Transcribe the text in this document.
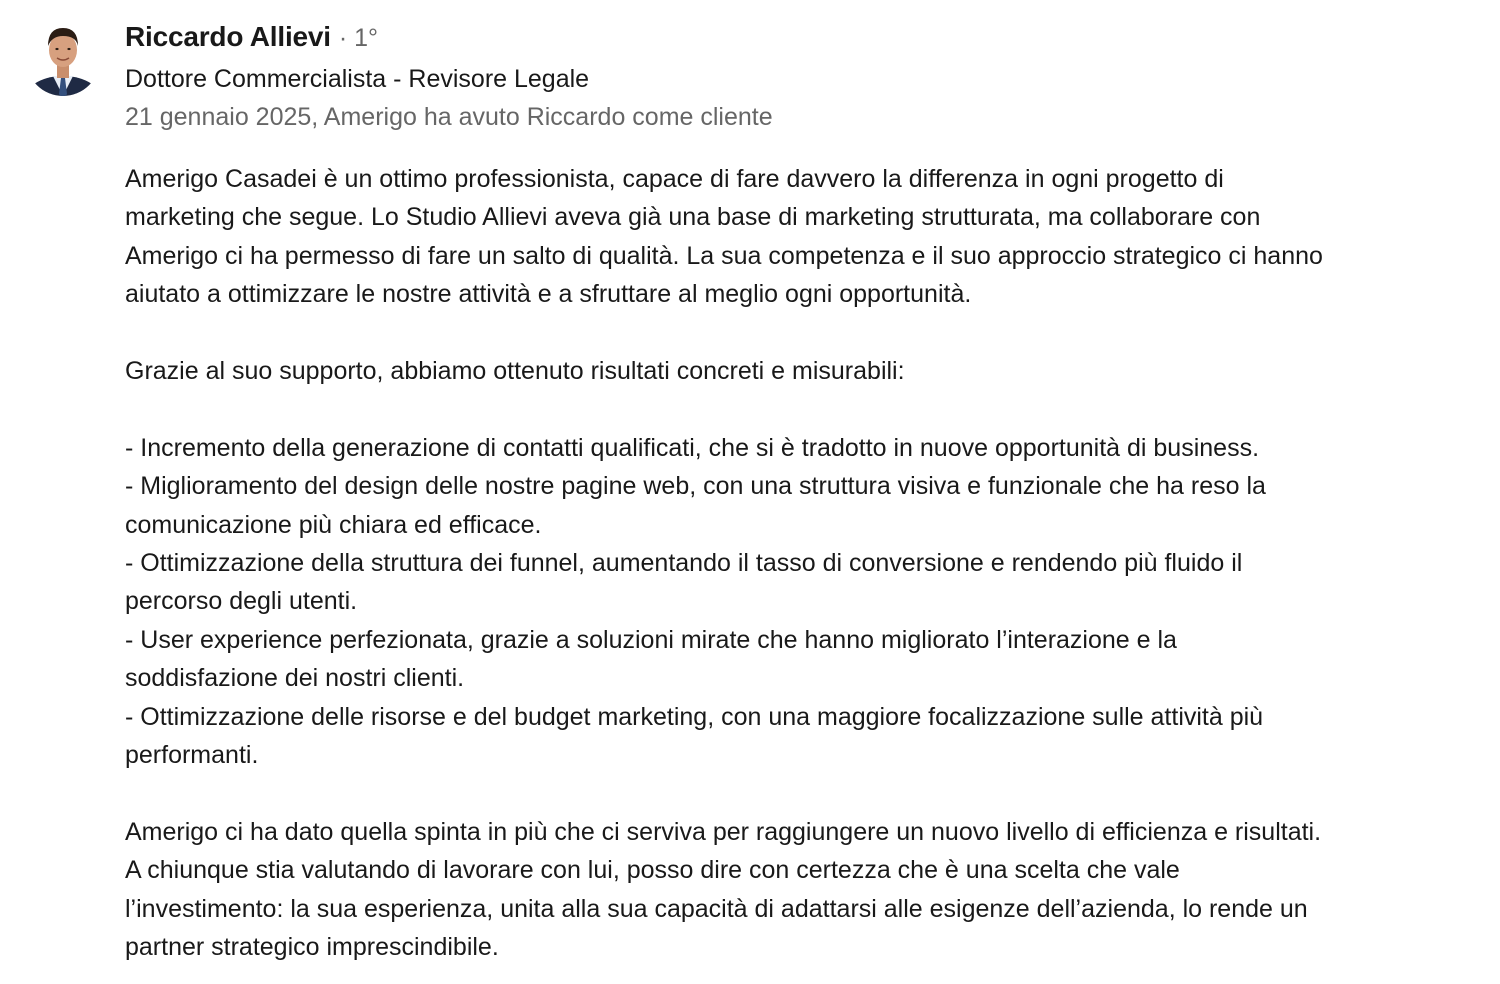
Riccardo Allievi · 1°
Dottore Commercialista - Revisore Legale
21 gennaio 2025, Amerigo ha avuto Riccardo come cliente

Amerigo Casadei è un ottimo professionista, capace di fare davvero la differenza in ogni progetto di

marketing che segue. Lo Studio Allievi aveva già una base di marketing strutturata, ma collaborare con

Amerigo ci ha permesso di fare un salto di qualità. La sua competenza e il suo approccio strategico ci hanno

aiutato a ottimizzare le nostre attività e a sfruttare al meglio ogni opportunità.

Grazie al suo supporto, abbiamo ottenuto risultati concreti e misurabili:

- Incremento della generazione di contatti qualificati, che si è tradotto in nuove opportunità di business.

- Miglioramento del design delle nostre pagine web, con una struttura visiva e funzionale che ha reso la

comunicazione più chiara ed efficace.

- Ottimizzazione della struttura dei funnel, aumentando il tasso di conversione e rendendo più fluido il

percorso degli utenti.

- User experience perfezionata, grazie a soluzioni mirate che hanno migliorato l’interazione e la

soddisfazione dei nostri clienti.

- Ottimizzazione delle risorse e del budget marketing, con una maggiore focalizzazione sulle attività più

performanti.

Amerigo ci ha dato quella spinta in più che ci serviva per raggiungere un nuovo livello di efficienza e risultati.

A chiunque stia valutando di lavorare con lui, posso dire con certezza che è una scelta che vale

l’investimento: la sua esperienza, unita alla sua capacità di adattarsi alle esigenze dell’azienda, lo rende un

partner strategico imprescindibile.
